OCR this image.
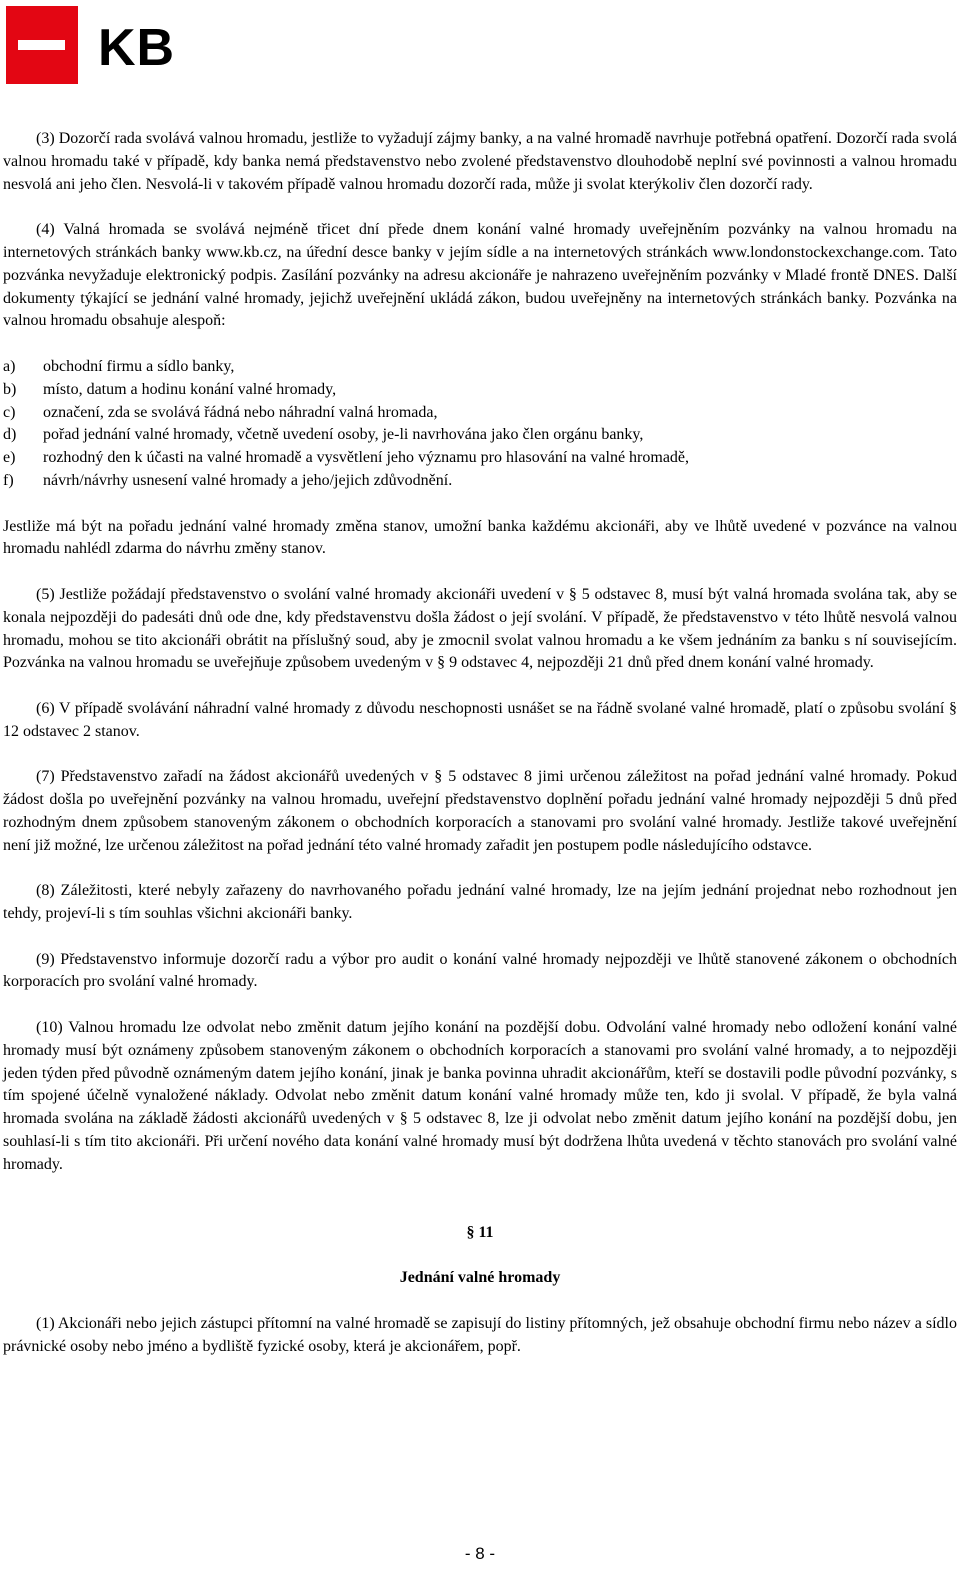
KB

(3) Dozorčí rada svolává valnou hromadu, jestliže to vyžadují zájmy banky, a na valné hromadě navrhuje potřebná opatření. Dozorčí rada svolá valnou hromadu také v případě, kdy banka nemá představenstvo nebo zvolené představenstvo dlouhodobě neplní své povinnosti a valnou hromadu nesvolá ani jeho člen. Nesvolá-li v takovém případě valnou hromadu dozorčí rada, může ji svolat kterýkoliv člen dozorčí rady.

(4) Valná hromada se svolává nejméně třicet dní přede dnem konání valné hromady uveřejněním pozvánky na valnou hromadu na internetových stránkách banky www.kb.cz, na úřední desce banky v jejím sídle a na internetových stránkách www.londonstockexchange.com. Tato pozvánka nevyžaduje elektronický podpis. Zasílání pozvánky na adresu akcionáře je nahrazeno uveřejněním pozvánky v Mladé frontě DNES. Další dokumenty týkající se jednání valné hromady, jejichž uveřejnění ukládá zákon, budou uveřejněny na internetových stránkách banky. Pozvánka na valnou hromadu obsahuje alespoň:

a) obchodní firmu a sídlo banky,
b) místo, datum a hodinu konání valné hromady,
c) označení, zda se svolává řádná nebo náhradní valná hromada,
d) pořad jednání valné hromady, včetně uvedení osoby, je-li navrhována jako člen orgánu banky,
e) rozhodný den k účasti na valné hromadě a vysvětlení jeho významu pro hlasování na valné hromadě,
f) návrh/návrhy usnesení valné hromady a jeho/jejich zdůvodnění.

Jestliže má být na pořadu jednání valné hromady změna stanov, umožní banka každému akcionáři, aby ve lhůtě uvedené v pozvánce na valnou hromadu nahlédl zdarma do návrhu změny stanov.

(5) Jestliže požádají představenstvo o svolání valné hromady akcionáři uvedení v § 5 odstavec 8, musí být valná hromada svolána tak, aby se konala nejpozději do padesáti dnů ode dne, kdy představenstvu došla žádost o její svolání. V případě, že představenstvo v této lhůtě nesvolá valnou hromadu, mohou se tito akcionáři obrátit na příslušný soud, aby je zmocnil svolat valnou hromadu a ke všem jednáním za banku s ní souvisejícím. Pozvánka na valnou hromadu se uveřejňuje způsobem uvedeným v § 9 odstavec 4, nejpozději 21 dnů před dnem konání valné hromady.

(6) V případě svolávání náhradní valné hromady z důvodu neschopnosti usnášet se na řádně svolané valné hromadě, platí o způsobu svolání § 12 odstavec 2 stanov.

(7) Představenstvo zařadí na žádost akcionářů uvedených v § 5 odstavec 8 jimi určenou záležitost na pořad jednání valné hromady. Pokud žádost došla po uveřejnění pozvánky na valnou hromadu, uveřejní představenstvo doplnění pořadu jednání valné hromady nejpozději 5 dnů před rozhodným dnem způsobem stanoveným zákonem o obchodních korporacích a stanovami pro svolání valné hromady. Jestliže takové uveřejnění není již možné, lze určenou záležitost na pořad jednání této valné hromady zařadit jen postupem podle následujícího odstavce.

(8) Záležitosti, které nebyly zařazeny do navrhovaného pořadu jednání valné hromady, lze na jejím jednání projednat nebo rozhodnout jen tehdy, projeví-li s tím souhlas všichni akcionáři banky.

(9) Představenstvo informuje dozorčí radu a výbor pro audit o konání valné hromady nejpozději ve lhůtě stanovené zákonem o obchodních korporacích pro svolání valné hromady.

(10) Valnou hromadu lze odvolat nebo změnit datum jejího konání na pozdější dobu. Odvolání valné hromady nebo odložení konání valné hromady musí být oznámeny způsobem stanoveným zákonem o obchodních korporacích a stanovami pro svolání valné hromady, a to nejpozději jeden týden před původně oznámeným datem jejího konání, jinak je banka povinna uhradit akcionářům, kteří se dostavili podle původní pozvánky, s tím spojené účelně vynaložené náklady. Odvolat nebo změnit datum konání valné hromady může ten, kdo ji svolal. V případě, že byla valná hromada svolána na základě žádosti akcionářů uvedených v § 5 odstavec 8, lze ji odvolat nebo změnit datum jejího konání na pozdější dobu, jen souhlasí-li s tím tito akcionáři. Při určení nového data konání valné hromady musí být dodržena lhůta uvedená v těchto stanovách pro svolání valné hromady.

§ 11
Jednání valné hromady

(1) Akcionáři nebo jejich zástupci přítomní na valné hromadě se zapisují do listiny přítomných, jež obsahuje obchodní firmu nebo název a sídlo právnické osoby nebo jméno a bydliště fyzické osoby, která je akcionářem, popř.

- 8 -
